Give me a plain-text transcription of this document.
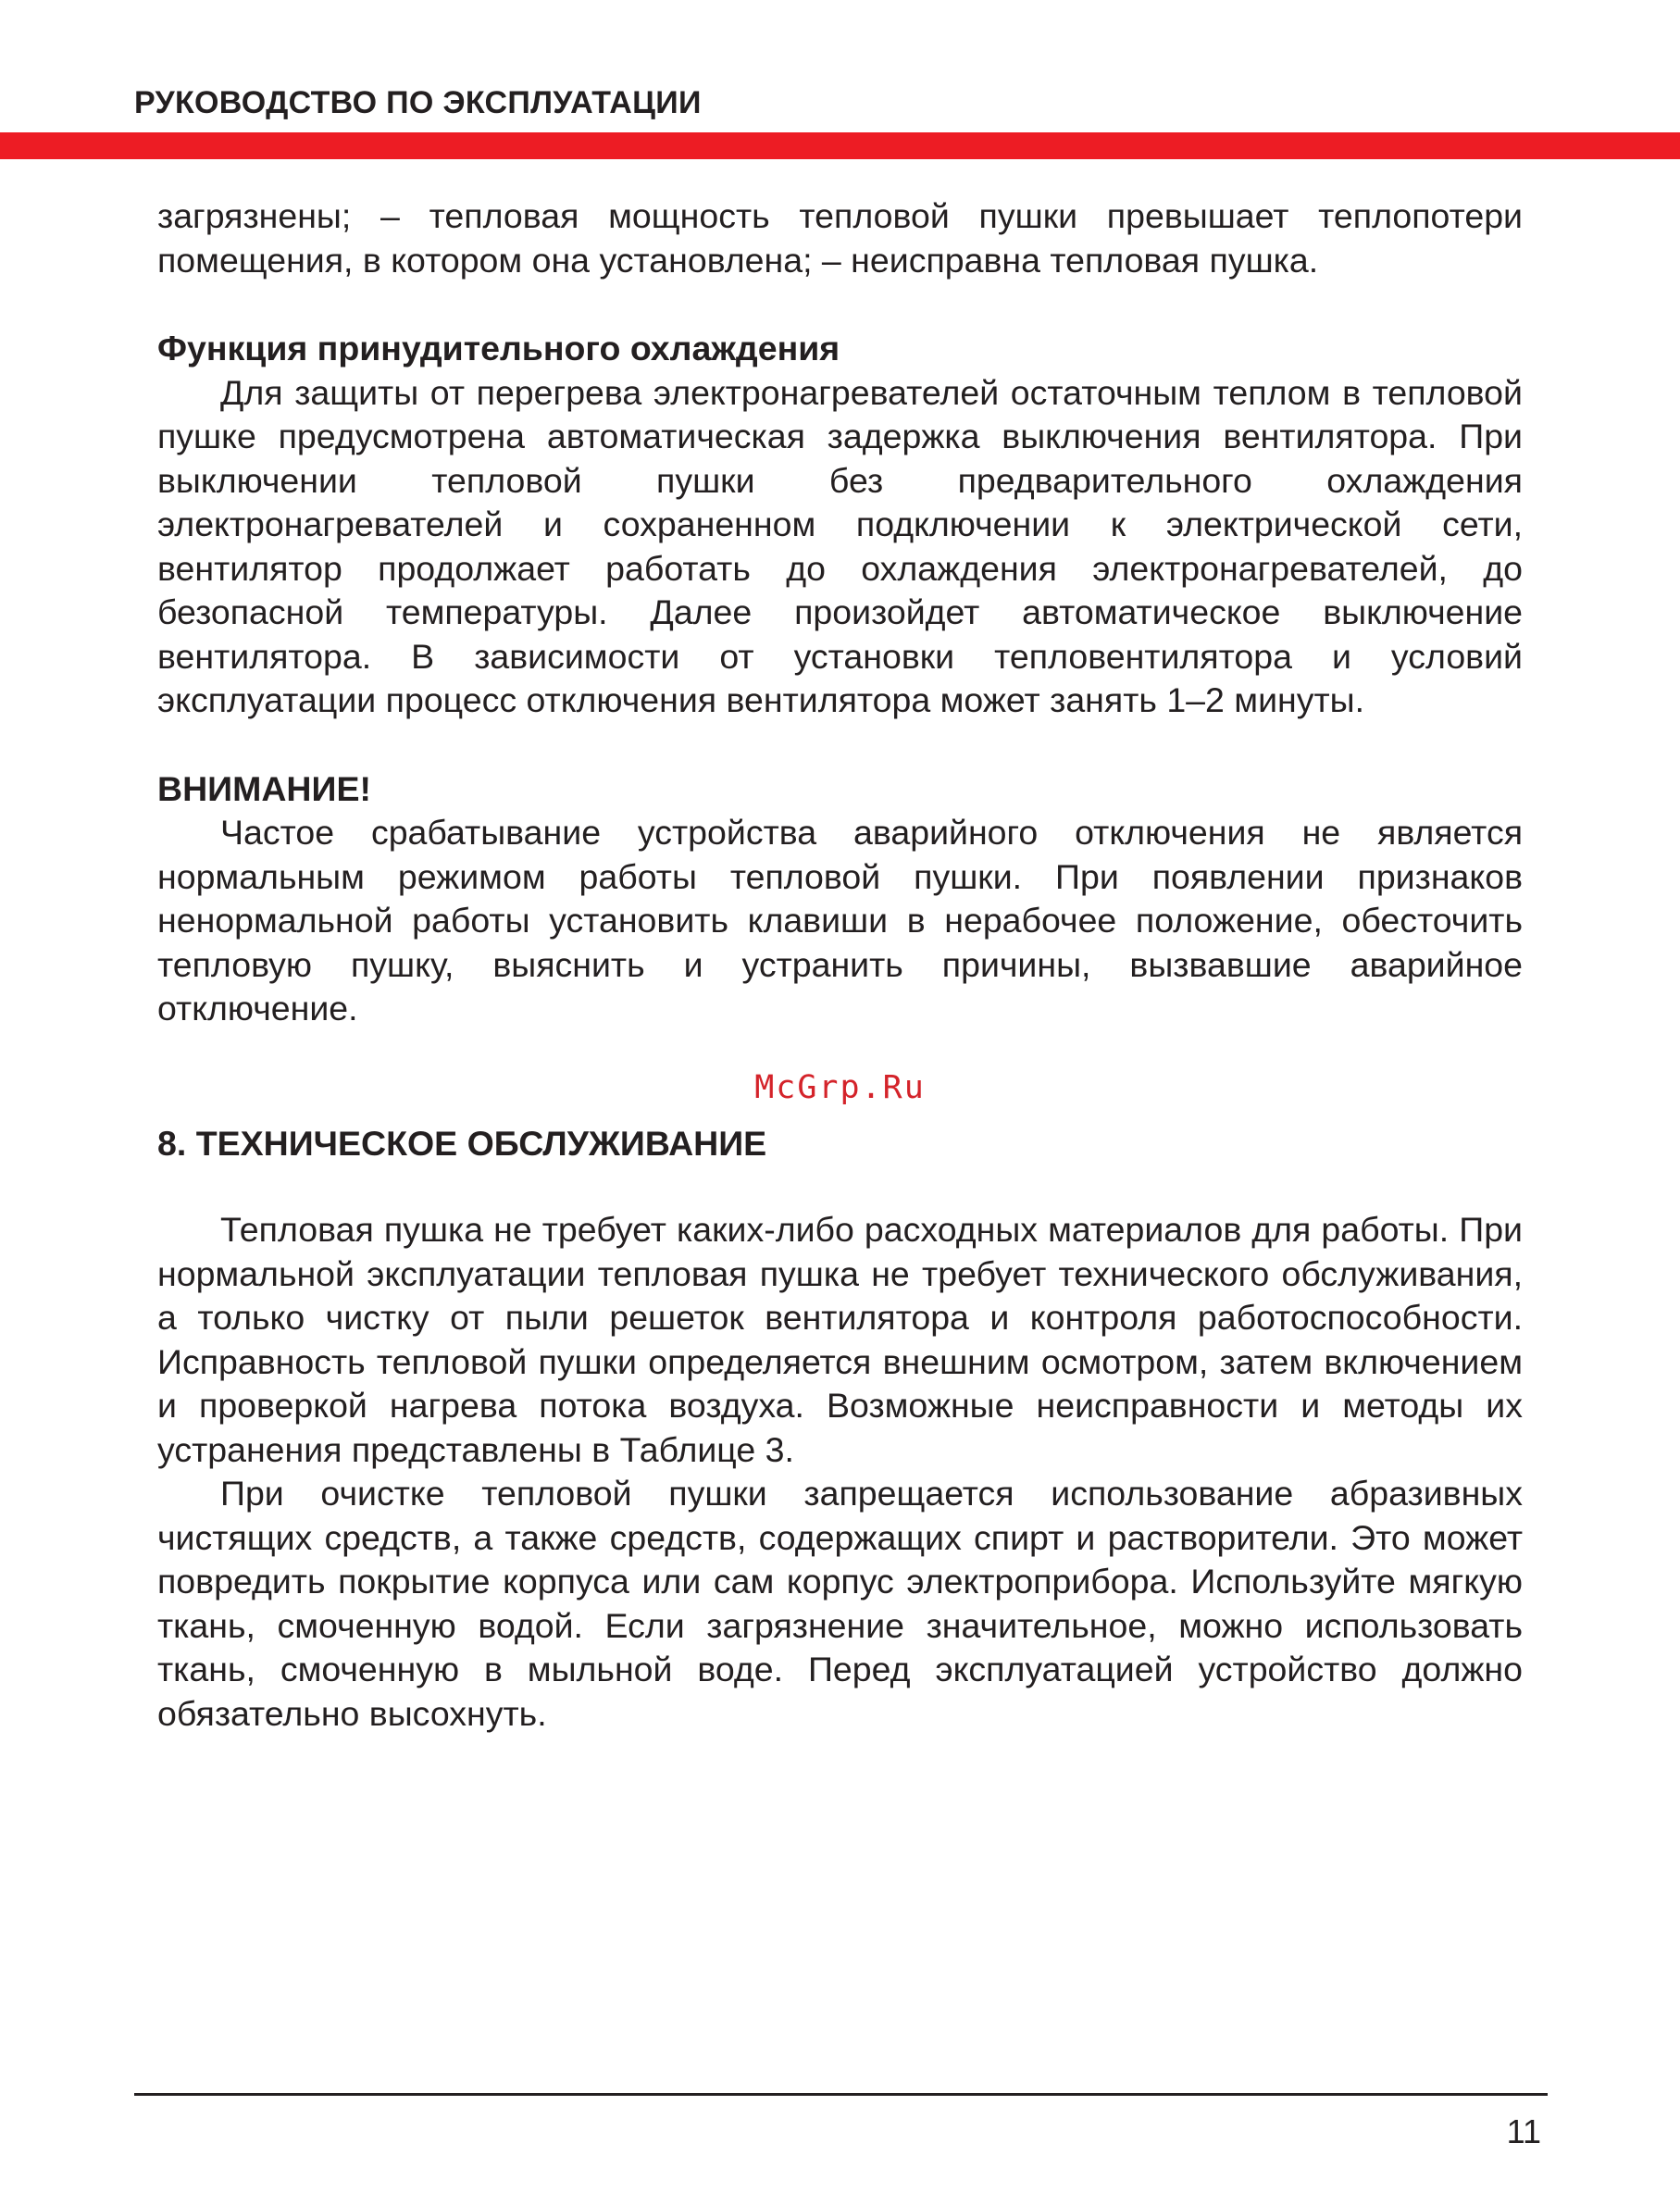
РУКОВОДСТВО ПО ЭКСПЛУАТАЦИИ

загрязнены; – тепловая мощность тепловой пушки превышает теплопотери помещения, в котором она установлена; – неисправна тепловая пушка.

Функция принудительного охлаждения

Для защиты от перегрева электронагревателей остаточным теплом в тепловой пушке предусмотрена автоматическая задержка выключения вентилятора. При выключении тепловой пушки без предварительного охлаждения электронагревателей и сохраненном подключении к электрической сети, вентилятор продолжает работать до охлаждения электронагревателей, до безопасной температуры. Далее произойдет автоматическое выключение вентилятора. В зависимости от установки тепловентилятора и условий эксплуатации процесс отключения вентилятора может занять 1–2 минуты.

ВНИМАНИЕ!

Частое срабатывание устройства аварийного отключения не является нормальным режимом работы тепловой пушки. При появлении признаков ненормальной работы установить клавиши в нерабочее положение, обесточить тепловую пушку, выяснить и устранить причины, вызвавшие аварийное отключение.

McGrp.Ru

8. ТЕХНИЧЕСКОЕ ОБСЛУЖИВАНИЕ

Тепловая пушка не требует каких-либо расходных материалов для работы. При нормальной эксплуатации тепловая пушка не требует технического обслуживания, а только чистку от пыли решеток вентилятора и контроля работоспособности. Исправность тепловой пушки определяется внешним осмотром, затем включением и проверкой нагрева потока воздуха. Возможные неисправности и методы их устранения представлены в Таблице 3.

При очистке тепловой пушки запрещается использование абразивных чистящих средств, а также средств, содержащих спирт и растворители. Это может повредить покрытие корпуса или сам корпус электроприбора. Используйте мягкую ткань, смоченную водой. Если загрязнение значительное, можно использовать ткань, смоченную в мыльной воде. Перед эксплуатацией устройство должно обязательно высохнуть.

11
